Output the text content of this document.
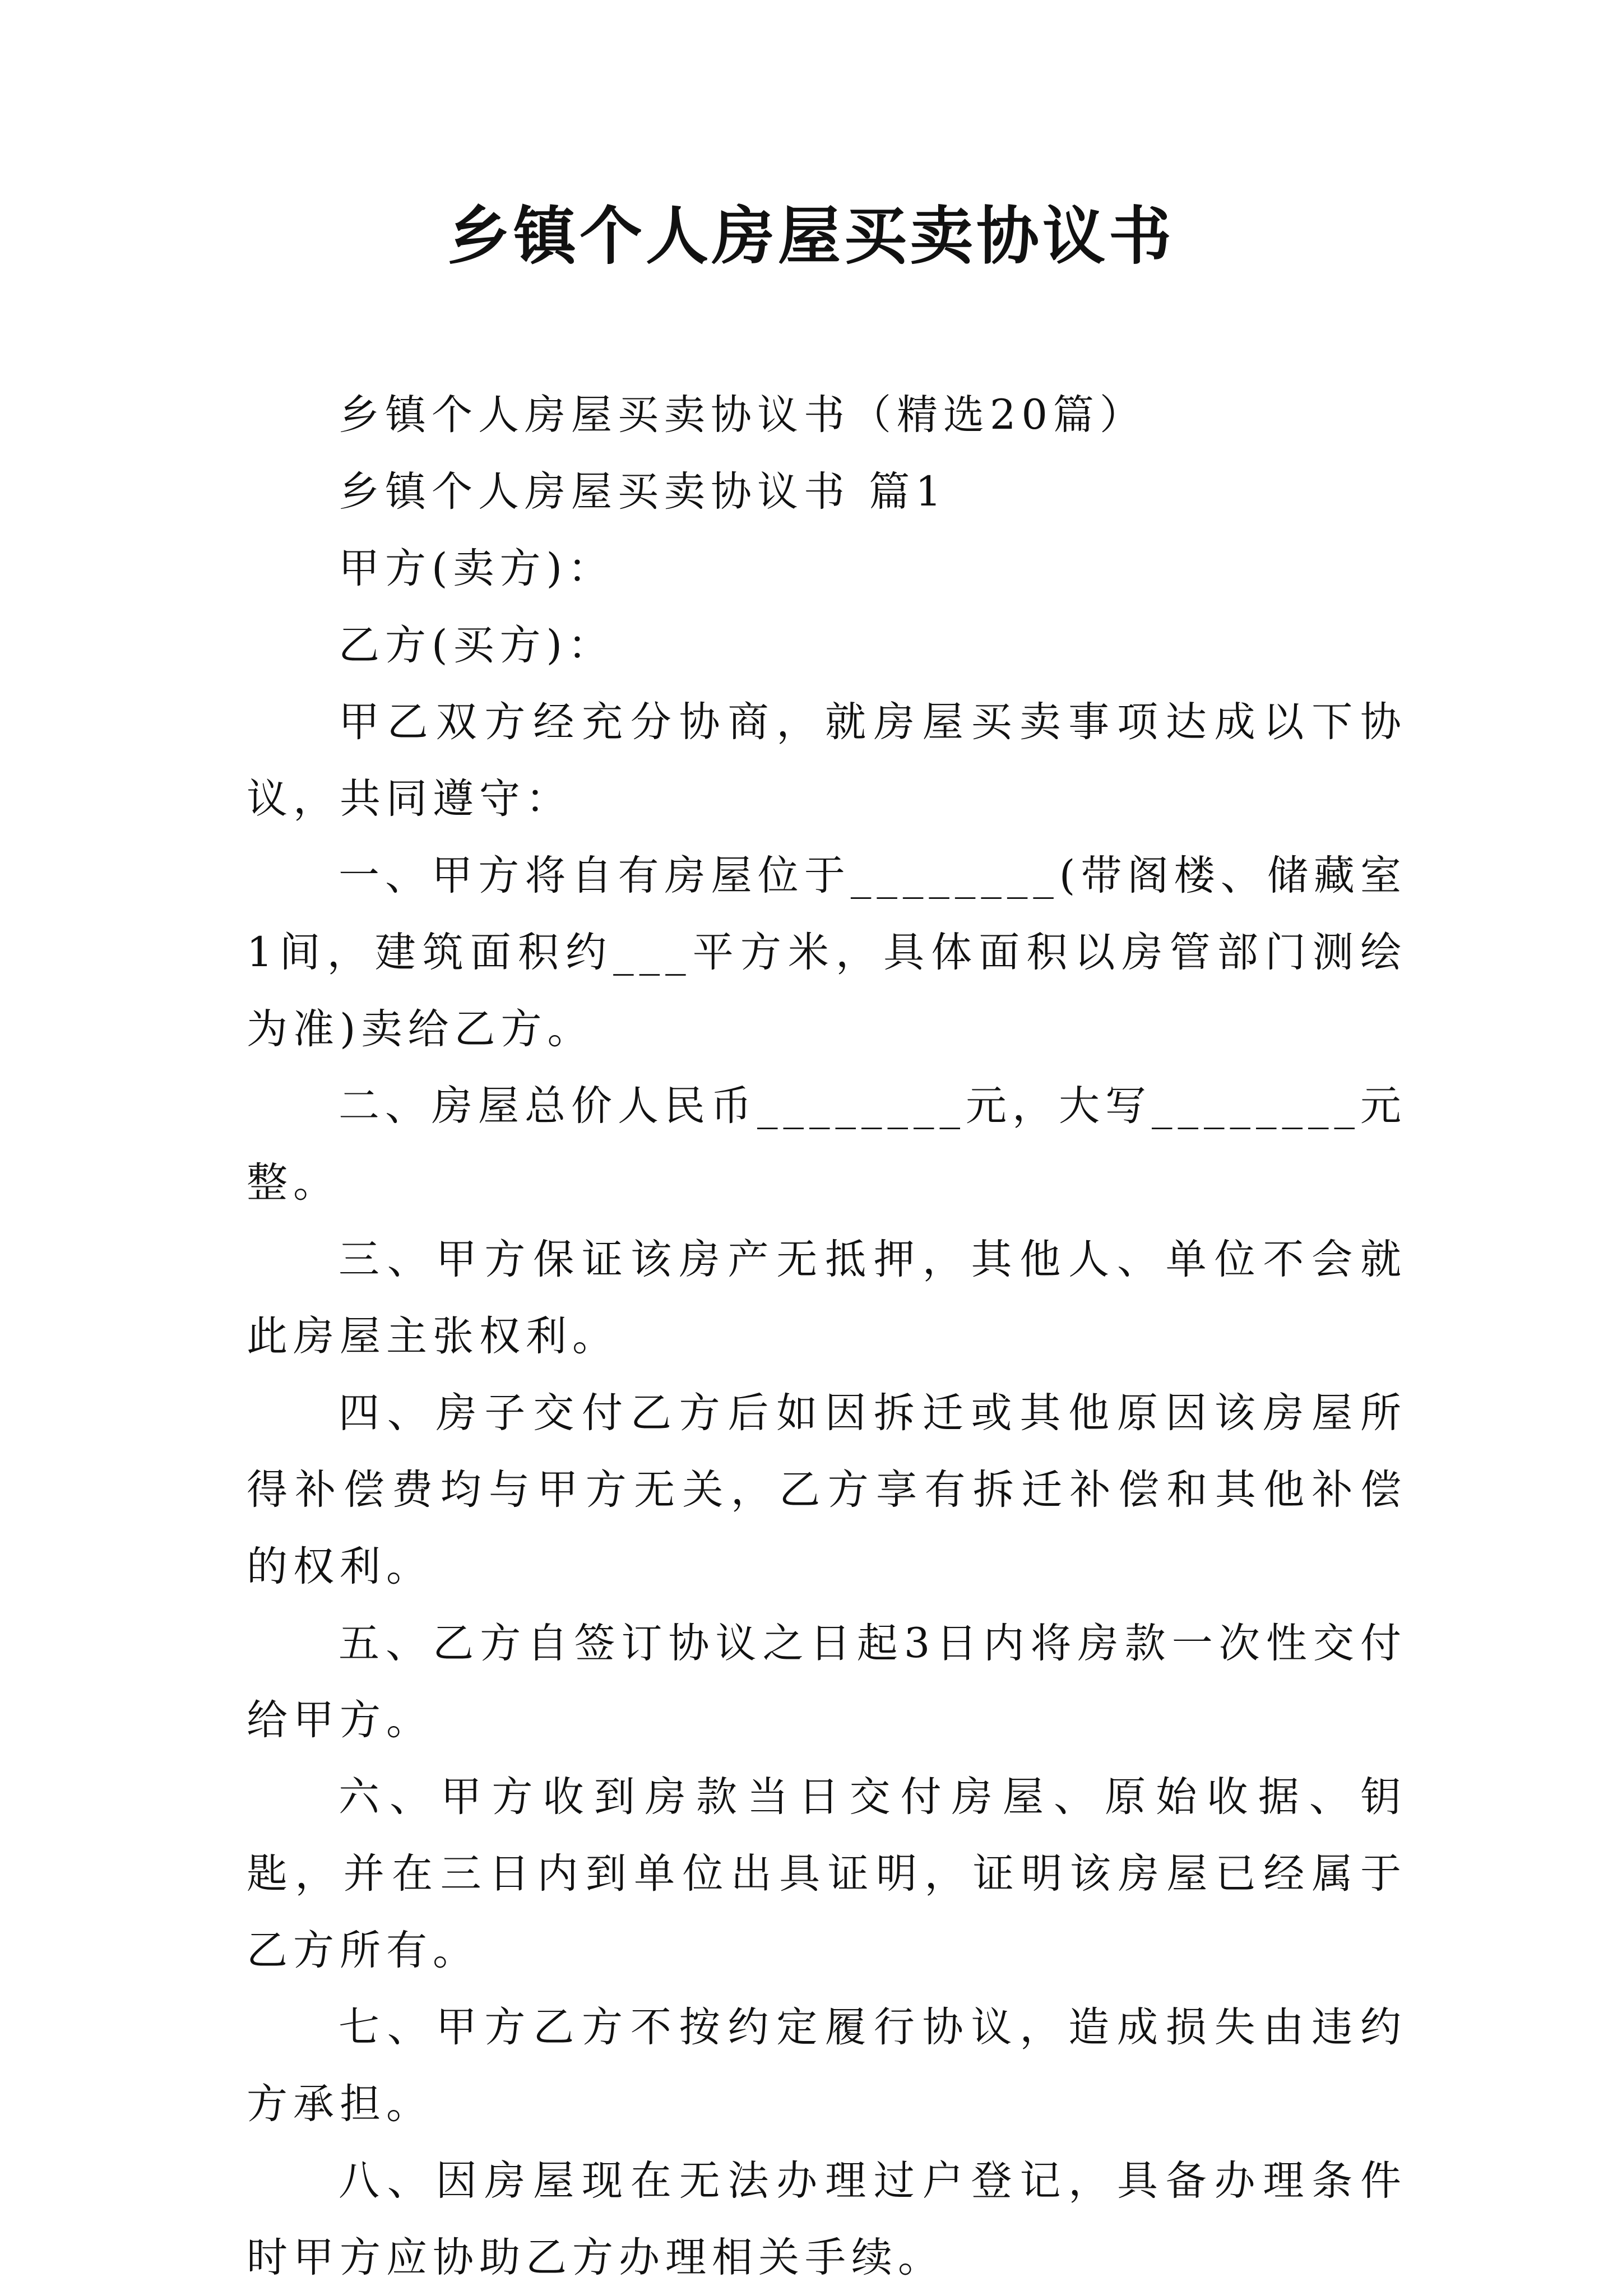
乡镇个人房屋买卖协议书

乡镇个人房屋买卖协议书（精选20篇）

乡镇个人房屋买卖协议书 篇1

甲方(卖方)：

乙方(买方)：

甲乙双方经充分协商，就房屋买卖事项达成以下协议，共同遵守：

一、甲方将自有房屋位于________(带阁楼、储藏室1间，建筑面积约___平方米，具体面积以房管部门测绘为准)卖给乙方。

二、房屋总价人民币________元，大写________元整。

三、甲方保证该房产无抵押，其他人、单位不会就此房屋主张权利。

四、房子交付乙方后如因拆迁或其他原因该房屋所得补偿费均与甲方无关，乙方享有拆迁补偿和其他补偿的权利。

五、乙方自签订协议之日起3日内将房款一次性交付给甲方。

六、甲方收到房款当日交付房屋、原始收据、钥匙，并在三日内到单位出具证明，证明该房屋已经属于乙方所有。

七、甲方乙方不按约定履行协议，造成损失由违约方承担。

八、因房屋现在无法办理过户登记，具备办理条件时甲方应协助乙方办理相关手续。
